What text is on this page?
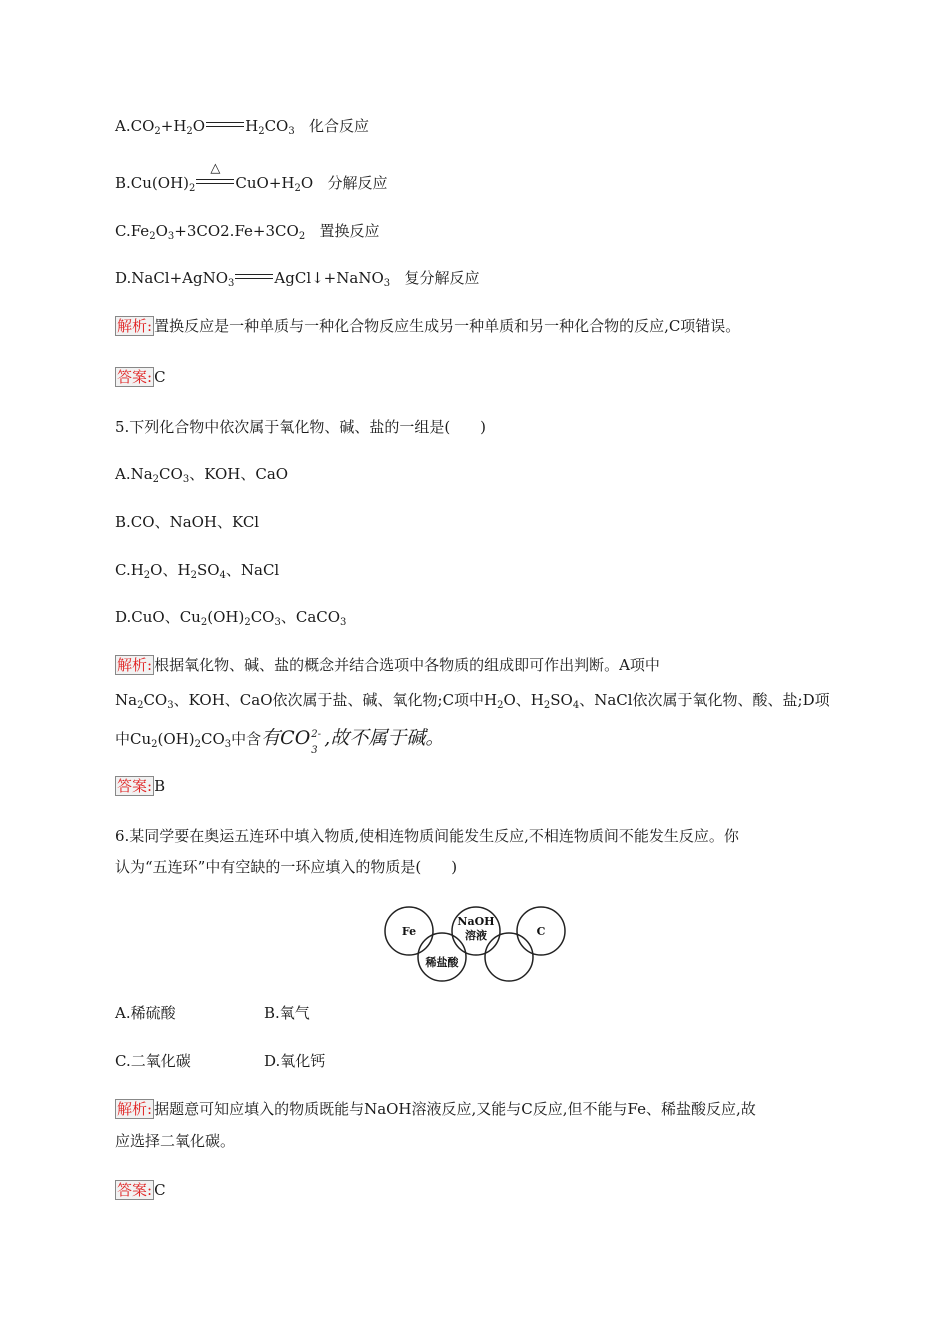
$A.CO_2+H_2O$	$H_2CO_3$ 化合反应
$B.Cu(OH)_2$
△
$CuO+H_2O$ 分解反应
$C.Fe_2O_3+3CO2.Fe+3CO_2$ 置换反应
D.NaCl+AgNO$_3$	AgCl↓+NaNO$_3$ 复分解反应
解析: 置换反应是一种单质与一种化合物反应生成另一种单质和另一种化合物的反应,C项错误。
答案: C
5.下列化合物中依次属于氧化物、碱、盐的一组是(　　)
$A.Na_2CO_3$、KOH、CaO
B.CO、NaOH、KCl
$C.H_2O$、$H_2SO_4$、NaCl
D.CuO、$Cu_2(OH)_2CO_3$、CaCO$_3$
解析: 根据氧化物、碱、盐的概念并结合选项中各物质的组成即可作出判断。A项中
$Na_2CO_3$、KOH、CaO依次属于盐、碱、氧化物;C项中$H_2O$、$H_2SO_4$、NaCl依次属于氧化物、酸、盐;D项
中$Cu_2(OH)_2CO_3$中含有CO 2-
3
,故不属于碱。
答案: B
6.某同学要在奥运五连环中填入物质,使相连物质间能发生反应,不相连物质间不能发生反应。你
认为“五连环”中有空缺的一环应填入的物质是(　　)
Fe
NaOH
溶液	C
稀盐酸
A.稀硫酸	B.氧气
C.二氧化碳	D.氧化钙
解析: 据题意可知应填入的物质既能与NaOH溶液反应,又能与C反应,但不能与Fe、稀盐酸反应,故
应选择二氧化碳。
答案: C
